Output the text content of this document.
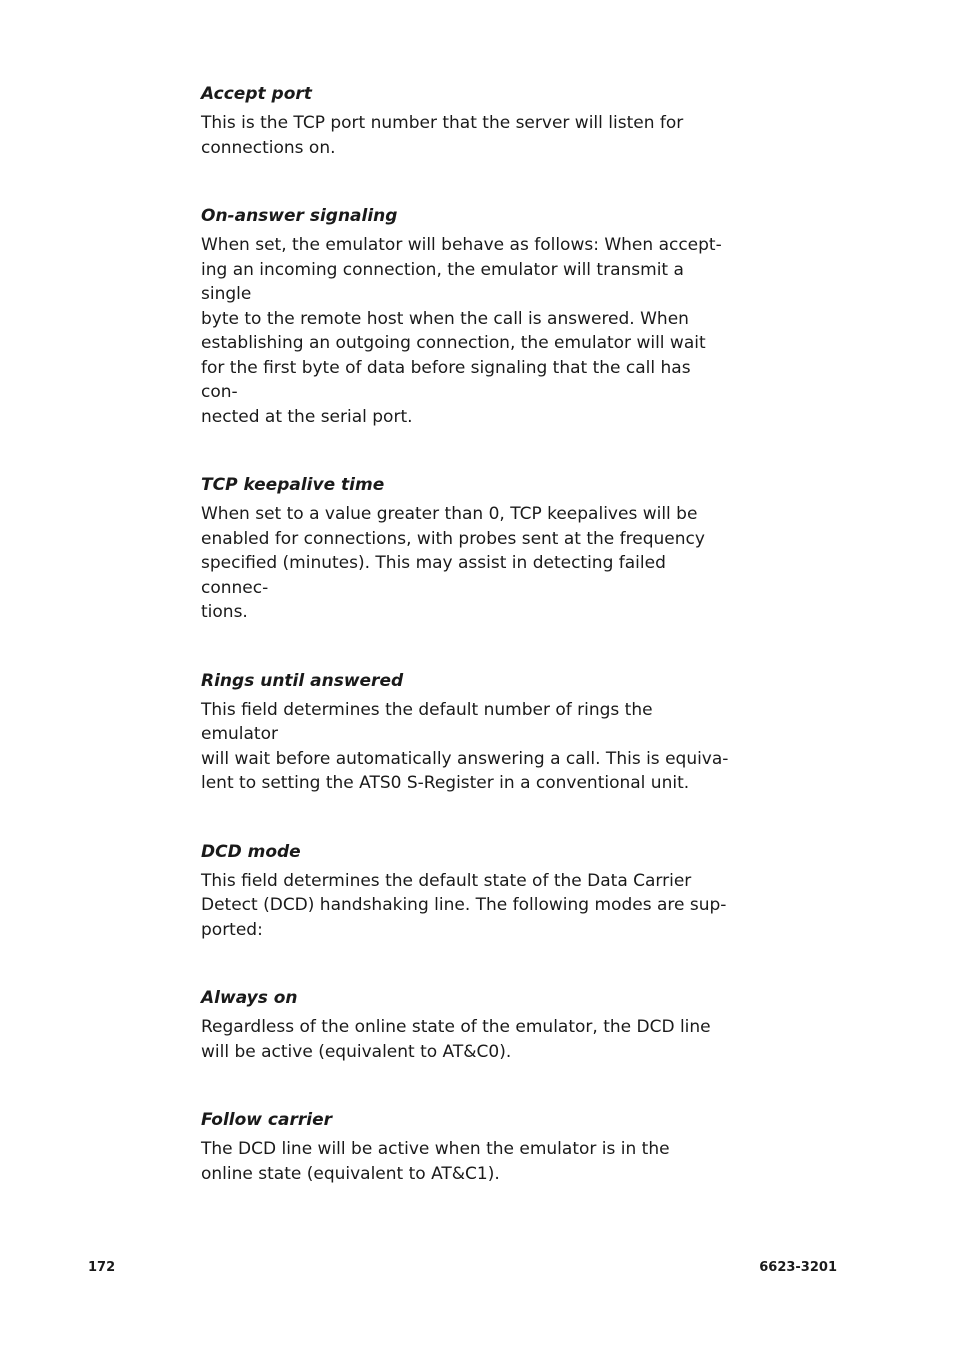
Accept port

This is the TCP port number that the server will listen for
connections on.

On-answer signaling

When set, the emulator will behave as follows: When accept-
ing an incoming connection, the emulator will transmit a single
byte to the remote host when the call is answered. When
establishing an outgoing connection, the emulator will wait
for the first byte of data before signaling that the call has con-
nected at the serial port.

TCP keepalive time

When set to a value greater than 0, TCP keepalives will be
enabled for connections, with probes sent at the frequency
specified (minutes). This may assist in detecting failed connec-
tions.

Rings until answered

This field determines the default number of rings the emulator
will wait before automatically answering a call. This is equiva-
lent to setting the ATS0 S-Register in a conventional unit.

DCD mode

This field determines the default state of the Data Carrier
Detect (DCD) handshaking line. The following modes are sup-
ported:

Always on

Regardless of the online state of the emulator, the DCD line
will be active (equivalent to AT&C0).

Follow carrier

The DCD line will be active when the emulator is in the
online state (equivalent to AT&C1).

172	6623-3201
